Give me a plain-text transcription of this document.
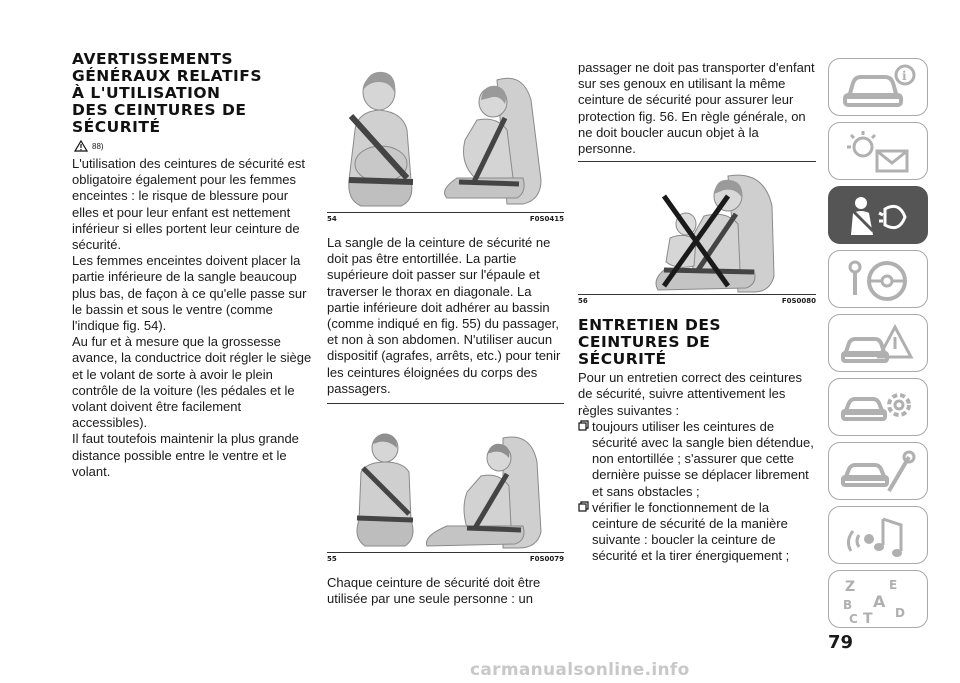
AVERTISSEMENTS
GÉNÉRAUX RELATIFS
À L'UTILISATION
DES CEINTURES DE
SÉCURITÉ
88)

L'utilisation des ceintures de sécurité est obligatoire également pour les femmes enceintes : le risque de blessure pour elles et pour leur enfant est nettement inférieur si elles portent leur ceinture de sécurité.

Les femmes enceintes doivent placer la partie inférieure de la sangle beaucoup plus bas, de façon à ce qu'elle passe sur le bassin et sous le ventre (comme l'indique fig. 54).

Au fur et à mesure que la grossesse avance, la conductrice doit régler le siège et le volant de sorte à avoir le plein contrôle de la voiture (les pédales et le volant doivent être facilement accessibles).

Il faut toutefois maintenir la plus grande distance possible entre le ventre et le volant.

54	F0S0415

La sangle de la ceinture de sécurité ne doit pas être entortillée. La partie supérieure doit passer sur l'épaule et traverser le thorax en diagonale. La partie inférieure doit adhérer au bassin (comme indiqué en fig. 55) du passager, et non à son abdomen. N'utiliser aucun dispositif (agrafes, arrêts, etc.) pour tenir les ceintures éloignées du corps des passagers.

55	F0S0079

Chaque ceinture de sécurité doit être utilisée par une seule personne : un

passager ne doit pas transporter d'enfant sur ses genoux en utilisant la même ceinture de sécurité pour assurer leur protection fig. 56. En règle générale, on ne doit boucler aucun objet à la personne.

56	F0S0080
ENTRETIEN DES
CEINTURES DE
SÉCURITÉ

Pour un entretien correct des ceintures de sécurité, suivre attentivement les règles suivantes :

toujours utiliser les ceintures de sécurité avec la sangle bien détendue, non entortillée ; s'assurer que cette dernière puisse se déplacer librement et sans obstacles ;
vérifier le fonctionnement de la ceinture de sécurité de la manière suivante : boucler la ceinture de sécurité et la tirer énergiquement ;
i
Z	E
B A
C T D
79
carmanualsonline.info
